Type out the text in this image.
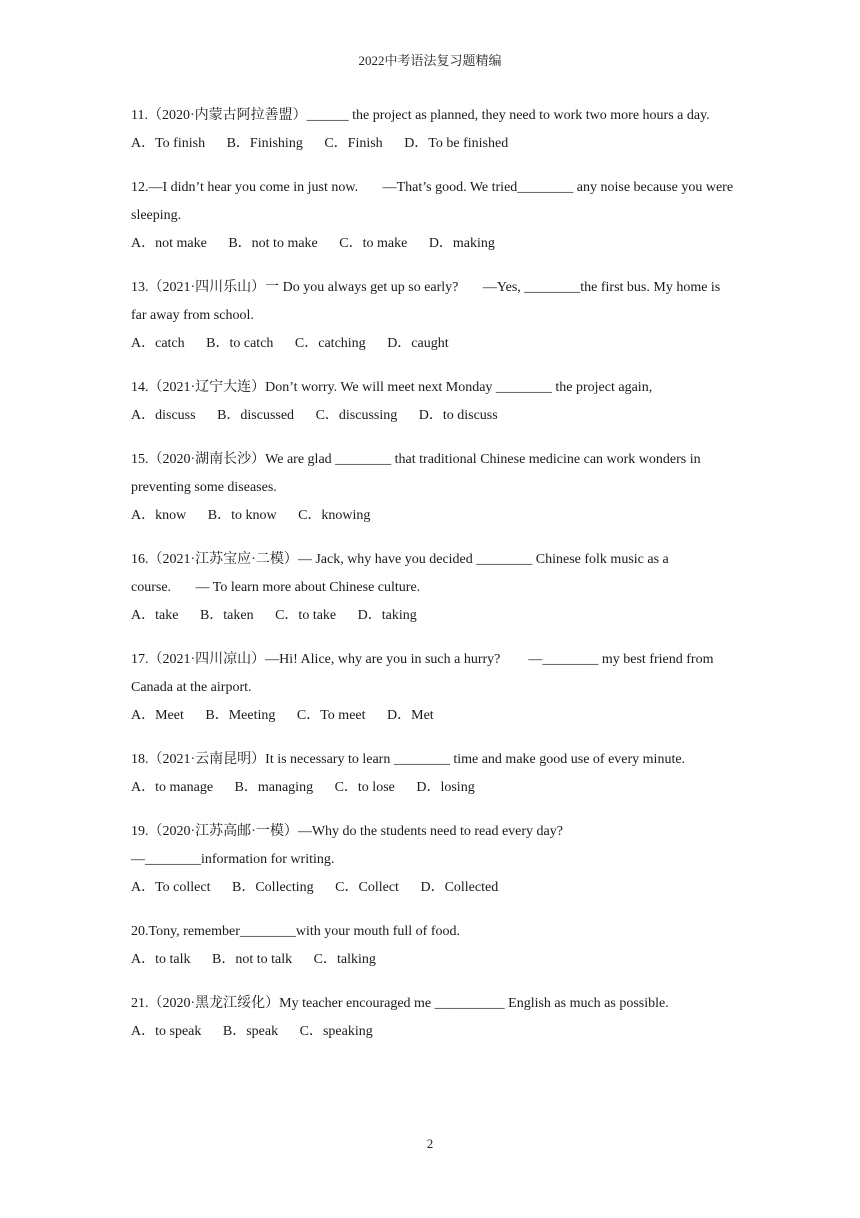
2022中考语法复习题精编

11.（2020·内蒙古阿拉善盟）______ the project as planned, they need to work two more hours a day.

A．To finish B．Finishing C．Finish D．To be finished

12.—I didn’t hear you come in just now.       —That’s good. We tried________ any noise because you were sleeping.

A．not make B．not to make C．to make D．making

13.（2021·四川乐山）一 Do you always get up so early?       —Yes, ________the first bus. My home is far away from school.

A．catch B．to catch C．catching D．caught

14.（2021·辽宁大连）Don’t worry. We will meet next Monday ________ the project again,

A．discuss B．discussed C．discussing D．to discuss

15.（2020·湖南长沙）We are glad ________ that traditional Chinese medicine can work wonders in preventing some diseases.

A．know B．to know C．knowing

16.（2021·江苏宝应·二模）— Jack, why have you decided ________ Chinese folk music as a course.       — To learn more about Chinese culture.

A．take B．taken C．to take D．taking

17.（2021·四川凉山）—Hi! Alice, why are you in such a hurry?        —________ my best friend from Canada at the airport.

A．Meet B．Meeting C．To meet D．Met

18.（2021·云南昆明）It is necessary to learn ________ time and make good use of every minute.

A．to manage B．managing C．to lose D．losing

19.（2020·江苏高邮·一模）—Why do the students need to read every day?
—________information for writing.

A．To collect B．Collecting C．Collect D．Collected

20.Tony, remember________with your mouth full of food.

A．to talk B．not to talk C．talking

21.（2020·黑龙江绥化）My teacher encouraged me __________ English as much as possible.

A．to speak B．speak C．speaking

2
